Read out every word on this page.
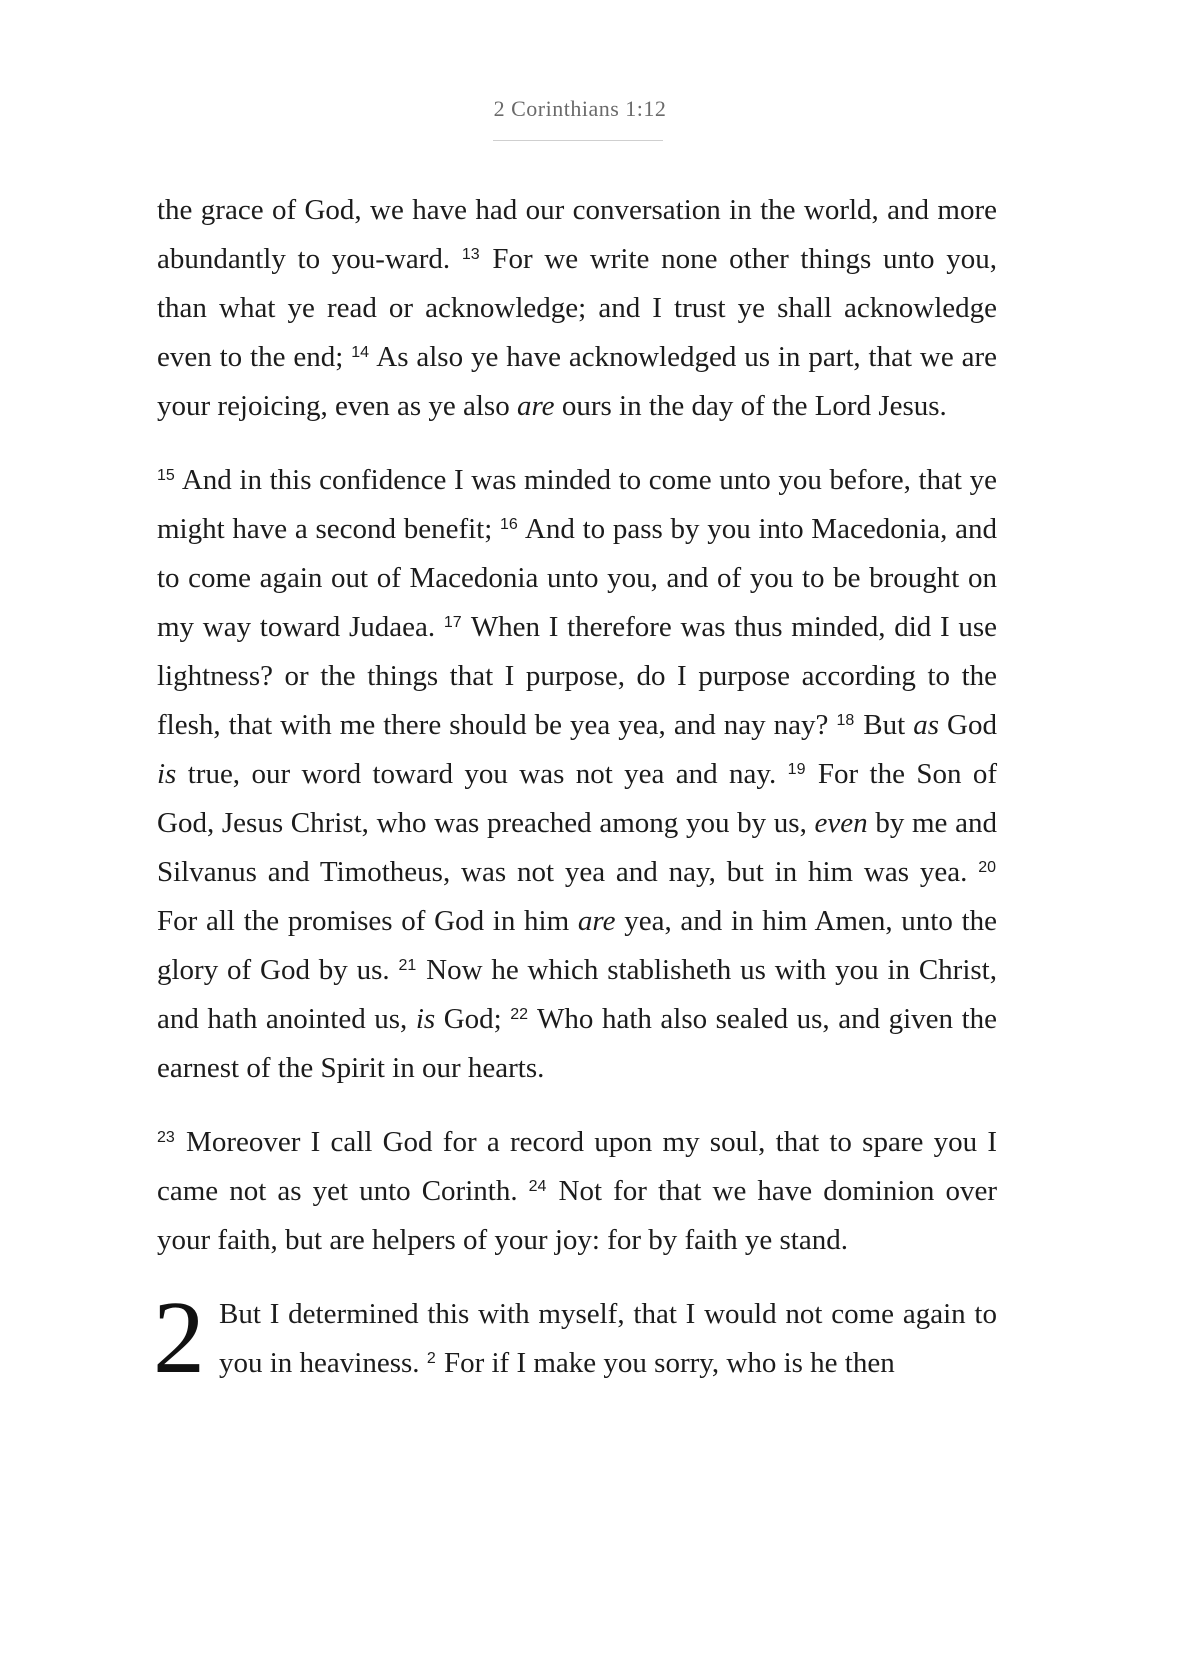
2 Corinthians 1:12

the grace of God, we have had our conversation in the world, and more abundantly to you-ward. $^{13}$ For we write none other things unto you, than what ye read or acknowledge; and I trust ye shall acknowledge even to the end; $^{14}$ As also ye have acknowledged us in part, that we are your rejoicing, even as ye also are ours in the day of the Lord Jesus.

$^{15}$ And in this confidence I was minded to come unto you before, that ye might have a second benefit; $^{16}$ And to pass by you into Macedonia, and to come again out of Macedonia unto you, and of you to be brought on my way toward Judaea. $^{17}$ When I therefore was thus minded, did I use lightness? or the things that I purpose, do I purpose according to the flesh, that with me there should be yea yea, and nay nay? $^{18}$ But as God is true, our word toward you was not yea and nay. $^{19}$ For the Son of God, Jesus Christ, who was preached among you by us, even by me and Silvanus and Timotheus, was not yea and nay, but in him was yea. $^{20}$ For all the promises of God in him are yea, and in him Amen, unto the glory of God by us. $^{21}$ Now he which stablisheth us with you in Christ, and hath anointed us, is God; $^{22}$ Who hath also sealed us, and given the earnest of the Spirit in our hearts.

$^{23}$ Moreover I call God for a record upon my soul, that to spare you I came not as yet unto Corinth. $^{24}$ Not for that we have dominion over your faith, but are helpers of your joy: for by faith ye stand.

2 But I determined this with myself, that I would not come again to you in heaviness. $^2$ For if I make you sorry, who is he then
